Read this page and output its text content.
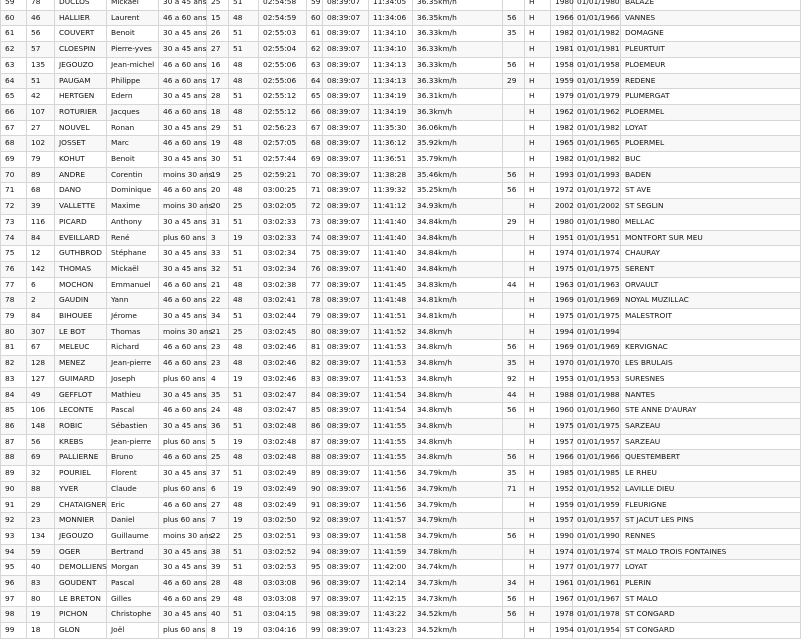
59	78	DUCLOS	Mickaël	30 a 45 ans	25	51	02:54:58	59	08:39:07	11:34:05	36.35km/h		H	1980	01/01/1980	BALAZE
60	46	HALLIER	Laurent	46 a 60 ans	15	48	02:54:59	60	08:39:07	11:34:06	36.35km/h	56	H	1966	01/01/1966	VANNES
61	56	COUVERT	Benoit	30 a 45 ans	26	51	02:55:03	61	08:39:07	11:34:10	36.33km/h	35	H	1982	01/01/1982	DOMAGNE
62	57	CLOESPIN	Pierre-yves	30 a 45 ans	27	51	02:55:04	62	08:39:07	11:34:10	36.33km/h		H	1981	01/01/1981	PLEURTUIT
63	135	JEGOUZO	Jean-michel	46 a 60 ans	16	48	02:55:06	63	08:39:07	11:34:13	36.33km/h	56	H	1958	01/01/1958	PLOEMEUR
64	51	PAUGAM	Philippe	46 a 60 ans	17	48	02:55:06	64	08:39:07	11:34:13	36.33km/h	29	H	1959	01/01/1959	REDENE
65	42	HERTGEN	Edern	30 a 45 ans	28	51	02:55:12	65	08:39:07	11:34:19	36.31km/h		H	1979	01/01/1979	PLUMERGAT
66	107	ROTURIER	Jacques	46 a 60 ans	18	48	02:55:12	66	08:39:07	11:34:19	36.3km/h		H	1962	01/01/1962	PLOERMEL
67	27	NOUVEL	Ronan	30 a 45 ans	29	51	02:56:23	67	08:39:07	11:35:30	36.06km/h		H	1982	01/01/1982	LOYAT
68	102	JOSSET	Marc	46 a 60 ans	19	48	02:57:05	68	08:39:07	11:36:12	35.92km/h		H	1965	01/01/1965	PLOERMEL
69	79	KOHUT	Benoit	30 a 45 ans	30	51	02:57:44	69	08:39:07	11:36:51	35.79km/h		H	1982	01/01/1982	BUC
70	89	ANDRE	Corentin	moins 30 ans	19	25	02:59:21	70	08:39:07	11:38:28	35.46km/h	56	H	1993	01/01/1993	BADEN
71	68	DANO	Dominique	46 a 60 ans	20	48	03:00:25	71	08:39:07	11:39:32	35.25km/h	56	H	1972	01/01/1972	ST AVE
72	39	VALLETTE	Maxime	moins 30 ans	20	25	03:02:05	72	08:39:07	11:41:12	34.93km/h		H	2002	01/01/2002	ST SEGLIN
73	116	PICARD	Anthony	30 a 45 ans	31	51	03:02:33	73	08:39:07	11:41:40	34.84km/h	29	H	1980	01/01/1980	MELLAC
74	84	EVEILLARD	René	plus 60 ans	3	19	03:02:33	74	08:39:07	11:41:40	34.84km/h		H	1951	01/01/1951	MONTFORT SUR MEU
75	12	GUTHBROD	Stéphane	30 a 45 ans	33	51	03:02:34	75	08:39:07	11:41:40	34.84km/h		H	1974	01/01/1974	CHAURAY
76	142	THOMAS	Mickaël	30 a 45 ans	32	51	03:02:34	76	08:39:07	11:41:40	34.84km/h		H	1975	01/01/1975	SERENT
77	6	MOCHON	Emmanuel	46 a 60 ans	21	48	03:02:38	77	08:39:07	11:41:45	34.83km/h	44	H	1963	01/01/1963	ORVAULT
78	2	GAUDIN	Yann	46 a 60 ans	22	48	03:02:41	78	08:39:07	11:41:48	34.81km/h		H	1969	01/01/1969	NOYAL MUZILLAC
79	84	BIHOUEE	Jérome	30 a 45 ans	34	51	03:02:44	79	08:39:07	11:41:51	34.81km/h		H	1975	01/01/1975	MALESTROIT
80	307	LE BOT	Thomas	moins 30 ans	21	25	03:02:45	80	08:39:07	11:41:52	34.8km/h		H	1994	01/01/1994	
81	67	MELEUC	Richard	46 a 60 ans	23	48	03:02:46	81	08:39:07	11:41:53	34.8km/h	56	H	1969	01/01/1969	KERVIGNAC
82	128	MENEZ	Jean-pierre	46 a 60 ans	23	48	03:02:46	82	08:39:07	11:41:53	34.8km/h	35	H	1970	01/01/1970	LES BRULAIS
83	127	GUIMARD	Joseph	plus 60 ans	4	19	03:02:46	83	08:39:07	11:41:53	34.8km/h	92	H	1953	01/01/1953	SURESNES
84	49	GEFFLOT	Mathieu	30 a 45 ans	35	51	03:02:47	84	08:39:07	11:41:54	34.8km/h	44	H	1988	01/01/1988	NANTES
85	106	LECONTE	Pascal	46 a 60 ans	24	48	03:02:47	85	08:39:07	11:41:54	34.8km/h	56	H	1960	01/01/1960	STE ANNE D'AURAY
86	148	ROBIC	Sébastien	30 a 45 ans	36	51	03:02:48	86	08:39:07	11:41:55	34.8km/h		H	1975	01/01/1975	SARZEAU
87	56	KREBS	Jean-pierre	plus 60 ans	5	19	03:02:48	87	08:39:07	11:41:55	34.8km/h		H	1957	01/01/1957	SARZEAU
88	69	PALLIERNE	Bruno	46 a 60 ans	25	48	03:02:48	88	08:39:07	11:41:55	34.8km/h	56	H	1966	01/01/1966	QUESTEMBERT
89	32	POURIEL	Florent	30 a 45 ans	37	51	03:02:49	89	08:39:07	11:41:56	34.79km/h	35	H	1985	01/01/1985	LE RHEU
90	88	YVER	Claude	plus 60 ans	6	19	03:02:49	90	08:39:07	11:41:56	34.79km/h	71	H	1952	01/01/1952	LAVILLE DIEU
91	29	CHATAIGNER	Eric	46 a 60 ans	27	48	03:02:49	91	08:39:07	11:41:56	34.79km/h		H	1959	01/01/1959	FLEURIGNE
92	23	MONNIER	Daniel	plus 60 ans	7	19	03:02:50	92	08:39:07	11:41:57	34.79km/h		H	1957	01/01/1957	ST JACUT LES PINS
93	134	JEGOUZO	Guillaume	moins 30 ans	22	25	03:02:51	93	08:39:07	11:41:58	34.79km/h	56	H	1990	01/01/1990	RENNES
94	59	OGER	Bertrand	30 a 45 ans	38	51	03:02:52	94	08:39:07	11:41:59	34.78km/h		H	1974	01/01/1974	ST MALO TROIS FONTAINES
95	40	DEMOLLIENS	Morgan	30 a 45 ans	39	51	03:02:53	95	08:39:07	11:42:00	34.74km/h		H	1977	01/01/1977	LOYAT
96	83	GOUDENT	Pascal	46 a 60 ans	28	48	03:03:08	96	08:39:07	11:42:14	34.73km/h	34	H	1961	01/01/1961	PLERIN
97	80	LE BRETON	Gilles	46 a 60 ans	29	48	03:03:08	97	08:39:07	11:42:15	34.73km/h	56	H	1967	01/01/1967	ST MALO
98	19	PICHON	Christophe	30 a 45 ans	40	51	03:04:15	98	08:39:07	11:43:22	34.52km/h	56	H	1978	01/01/1978	ST CONGARD
99	18	GLON	Joël	plus 60 ans	8	19	03:04:16	99	08:39:07	11:43:23	34.52km/h		H	1954	01/01/1954	ST CONGARD
